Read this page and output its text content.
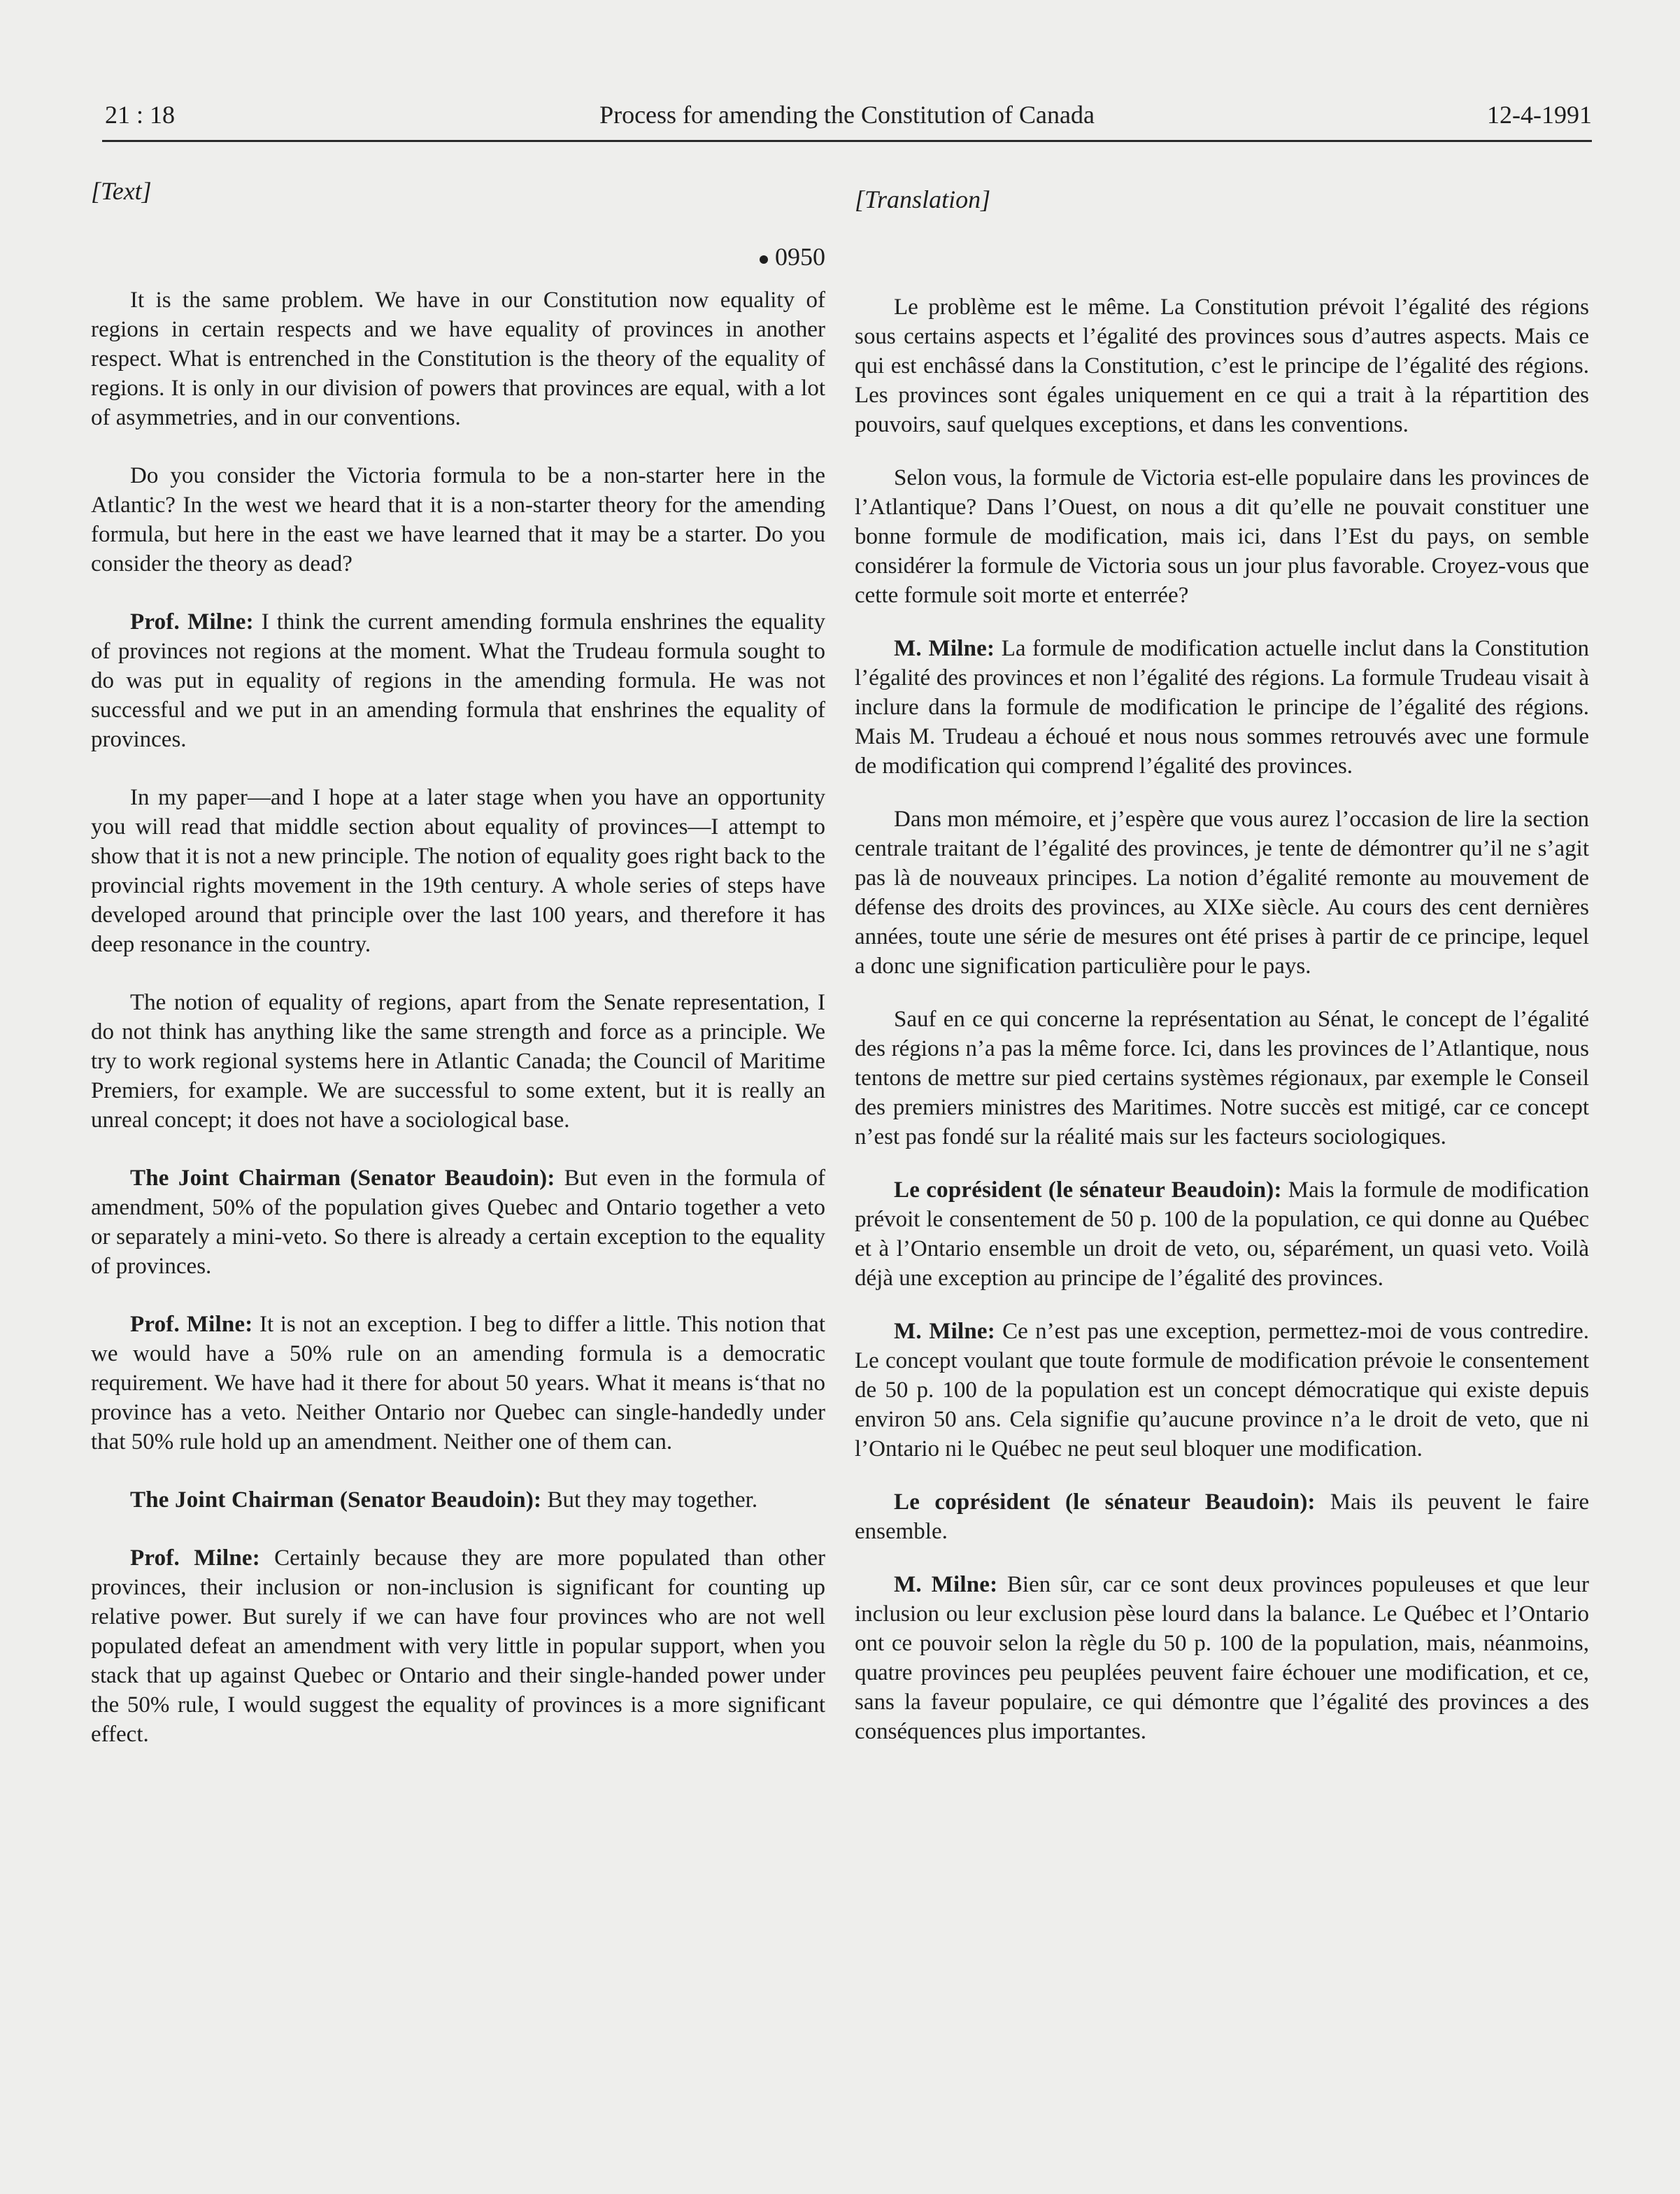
21 : 18	Process for amending the Constitution of Canada	12-4-1991
[Text]
0950

It is the same problem. We have in our Constitution now equality of regions in certain respects and we have equality of provinces in another respect. What is entrenched in the Constitution is the theory of the equality of regions. It is only in our division of powers that provinces are equal, with a lot of asymmetries, and in our conventions.

Do you consider the Victoria formula to be a non-starter here in the Atlantic? In the west we heard that it is a non-starter theory for the amending formula, but here in the east we have learned that it may be a starter. Do you consider the theory as dead?

Prof. Milne: I think the current amending formula enshrines the equality of provinces not regions at the moment. What the Trudeau formula sought to do was put in equality of regions in the amending formula. He was not successful and we put in an amending formula that enshrines the equality of provinces.

In my paper—and I hope at a later stage when you have an opportunity you will read that middle section about equality of provinces—I attempt to show that it is not a new principle. The notion of equality goes right back to the provincial rights movement in the 19th century. A whole series of steps have developed around that principle over the last 100 years, and therefore it has deep resonance in the country.

The notion of equality of regions, apart from the Senate representation, I do not think has anything like the same strength and force as a principle. We try to work regional systems here in Atlantic Canada; the Council of Maritime Premiers, for example. We are successful to some extent, but it is really an unreal concept; it does not have a sociological base.

The Joint Chairman (Senator Beaudoin): But even in the formula of amendment, 50% of the population gives Quebec and Ontario together a veto or separately a mini-veto. So there is already a certain exception to the equality of provinces.

Prof. Milne: It is not an exception. I beg to differ a little. This notion that we would have a 50% rule on an amending formula is a democratic requirement. We have had it there for about 50 years. What it means is‘that no province has a veto. Neither Ontario nor Quebec can single-handedly under that 50% rule hold up an amendment. Neither one of them can.

The Joint Chairman (Senator Beaudoin): But they may together.

Prof. Milne: Certainly because they are more populated than other provinces, their inclusion or non-inclusion is significant for counting up relative power. But surely if we can have four provinces who are not well populated defeat an amendment with very little in popular support, when you stack that up against Quebec or Ontario and their single-handed power under the 50% rule, I would suggest the equality of provinces is a more significant effect.

[Translation]

Le problème est le même. La Constitution prévoit l’égalité des régions sous certains aspects et l’égalité des provinces sous d’autres aspects. Mais ce qui est enchâssé dans la Constitution, c’est le principe de l’égalité des régions. Les provinces sont égales uniquement en ce qui a trait à la répartition des pouvoirs, sauf quelques exceptions, et dans les conventions.

Selon vous, la formule de Victoria est-elle populaire dans les provinces de l’Atlantique? Dans l’Ouest, on nous a dit qu’elle ne pouvait constituer une bonne formule de modification, mais ici, dans l’Est du pays, on semble considérer la formule de Victoria sous un jour plus favorable. Croyez-vous que cette formule soit morte et enterrée?

M. Milne: La formule de modification actuelle inclut dans la Constitution l’égalité des provinces et non l’égalité des régions. La formule Trudeau visait à inclure dans la formule de modification le principe de l’égalité des régions. Mais M. Trudeau a échoué et nous nous sommes retrouvés avec une formule de modification qui comprend l’égalité des provinces.

Dans mon mémoire, et j’espère que vous aurez l’occasion de lire la section centrale traitant de l’égalité des provinces, je tente de démontrer qu’il ne s’agit pas là de nouveaux principes. La notion d’égalité remonte au mouvement de défense des droits des provinces, au XIXe siècle. Au cours des cent dernières années, toute une série de mesures ont été prises à partir de ce principe, lequel a donc une signification particulière pour le pays.

Sauf en ce qui concerne la représentation au Sénat, le concept de l’égalité des régions n’a pas la même force. Ici, dans les provinces de l’Atlantique, nous tentons de mettre sur pied certains systèmes régionaux, par exemple le Conseil des premiers ministres des Maritimes. Notre succès est mitigé, car ce concept n’est pas fondé sur la réalité mais sur les facteurs sociologiques.

Le coprésident (le sénateur Beaudoin): Mais la formule de modification prévoit le consentement de 50 p. 100 de la population, ce qui donne au Québec et à l’Ontario ensemble un droit de veto, ou, séparément, un quasi veto. Voilà déjà une exception au principe de l’égalité des provinces.

M. Milne: Ce n’est pas une exception, permettez-moi de vous contredire. Le concept voulant que toute formule de modification prévoie le consentement de 50 p. 100 de la population est un concept démocratique qui existe depuis environ 50 ans. Cela signifie qu’aucune province n’a le droit de veto, que ni l’Ontario ni le Québec ne peut seul bloquer une modification.

Le coprésident (le sénateur Beaudoin): Mais ils peuvent le faire ensemble.

M. Milne: Bien sûr, car ce sont deux provinces populeuses et que leur inclusion ou leur exclusion pèse lourd dans la balance. Le Québec et l’Ontario ont ce pouvoir selon la règle du 50 p. 100 de la population, mais, néanmoins, quatre provinces peu peuplées peuvent faire échouer une modification, et ce, sans la faveur populaire, ce qui démontre que l’égalité des provinces a des conséquences plus importantes.
